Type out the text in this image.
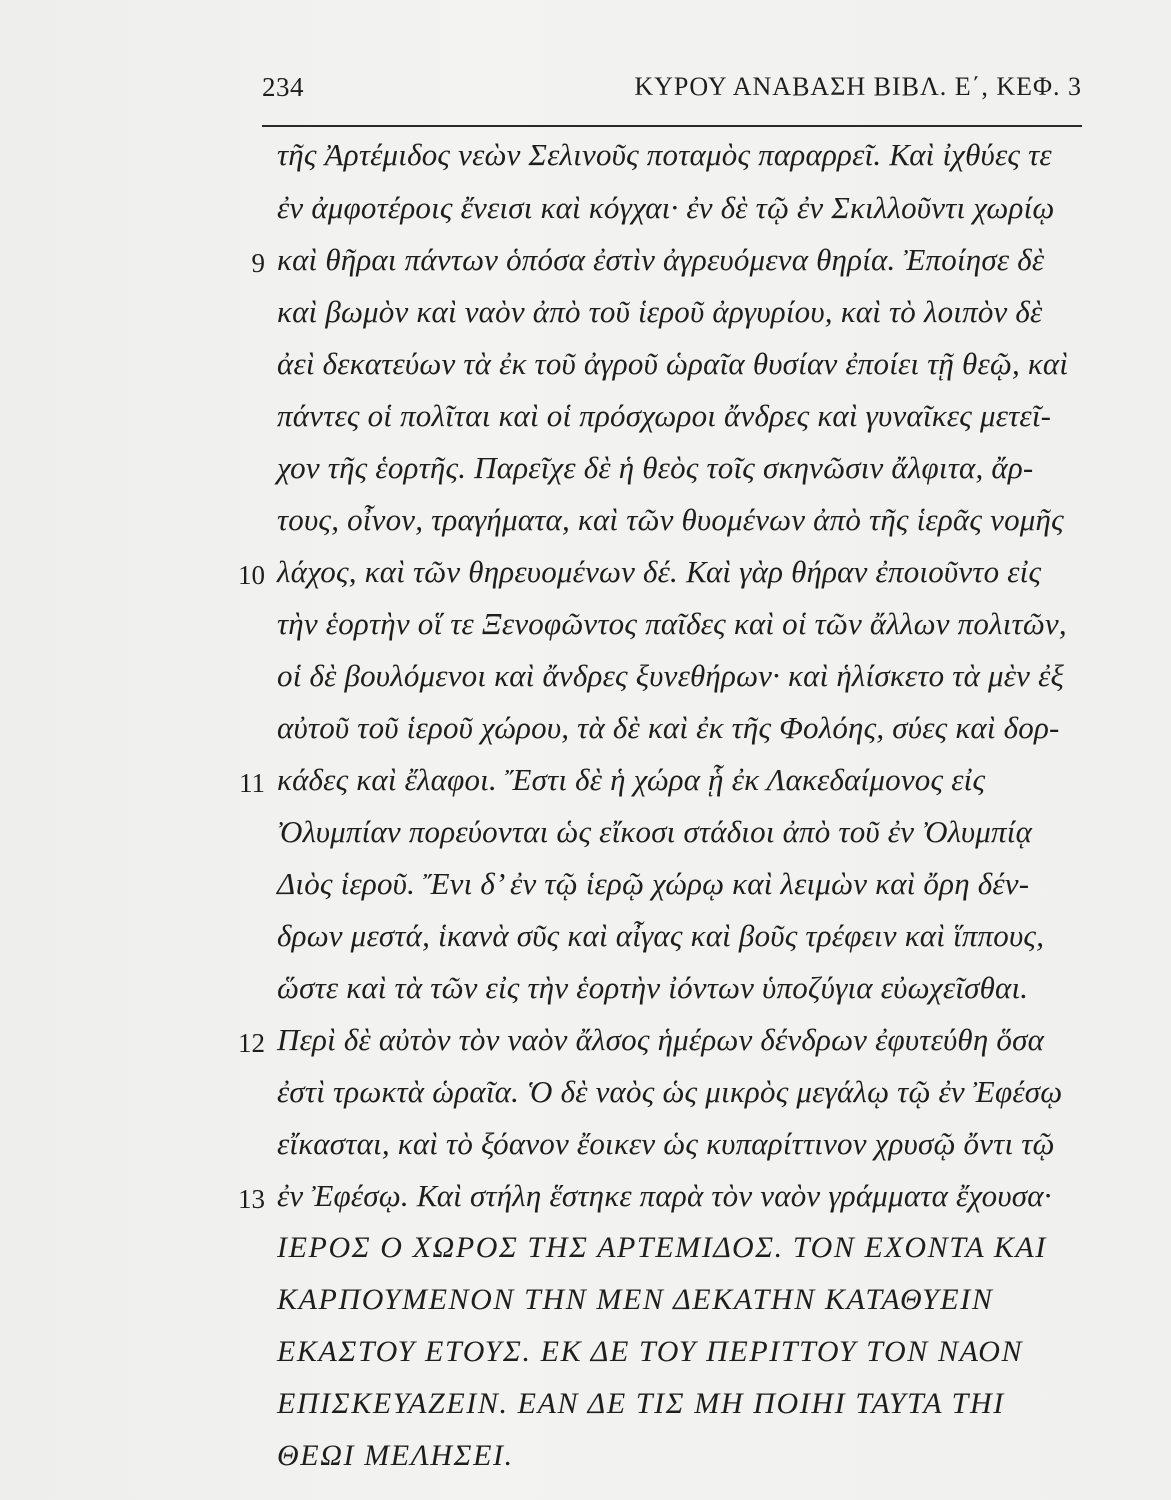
234	ΚΥΡΟΥ ΑΝΑΒΑΣΗ ΒΙΒΛ. Ε΄, ΚΕΦ. 3
τῆς Ἀρτέμιδος νεὼν Σελινοῦς ποταμὸς παραρρεῖ. Καὶ ἰχθύες τε
ἐν ἀμφοτέροις ἔνεισι καὶ κόγχαι· ἐν δὲ τῷ ἐν Σκιλλοῦντι χωρίῳ
καὶ θῆραι πάντων ὁπόσα ἐστὶν ἀγρευόμενα θηρία. Ἐποίησε δὲ
καὶ βωμὸν καὶ ναὸν ἀπὸ τοῦ ἱεροῦ ἀργυρίου, καὶ τὸ λοιπὸν δὲ
ἀεὶ δεκατεύων τὰ ἐκ τοῦ ἀγροῦ ὡραῖα θυσίαν ἐποίει τῇ θεῷ, καὶ
πάντες οἱ πολῖται καὶ οἱ πρόσχωροι ἄνδρες καὶ γυναῖκες μετεῖ-
χον τῆς ἑορτῆς. Παρεῖχε δὲ ἡ θεὸς τοῖς σκηνῶσιν ἄλφιτα, ἄρ-
τους, οἶνον, τραγήματα, καὶ τῶν θυομένων ἀπὸ τῆς ἱερᾶς νομῆς
λάχος, καὶ τῶν θηρευομένων δέ. Καὶ γὰρ θήραν ἐποιοῦντο εἰς
τὴν ἑορτὴν οἵ τε Ξενοφῶντος παῖδες καὶ οἱ τῶν ἄλλων πολιτῶν,
οἱ δὲ βουλόμενοι καὶ ἄνδρες ξυνεθήρων· καὶ ἡλίσκετο τὰ μὲν ἐξ
αὐτοῦ τοῦ ἱεροῦ χώρου, τὰ δὲ καὶ ἐκ τῆς Φολόης, σύες καὶ δορ-
κάδες καὶ ἔλαφοι. Ἔστι δὲ ἡ χώρα ᾗ ἐκ Λακεδαίμονος εἰς
Ὀλυμπίαν πορεύονται ὡς εἴκοσι στάδιοι ἀπὸ τοῦ ἐν Ὀλυμπίᾳ
Διὸς ἱεροῦ. Ἔνι δ’ ἐν τῷ ἱερῷ χώρῳ καὶ λειμὼν καὶ ὄρη δέν-
δρων μεστά, ἱκανὰ σῦς καὶ αἶγας καὶ βοῦς τρέφειν καὶ ἵππους,
ὥστε καὶ τὰ τῶν εἰς τὴν ἑορτὴν ἰόντων ὑποζύγια εὐωχεῖσθαι.
Περὶ δὲ αὐτὸν τὸν ναὸν ἄλσος ἡμέρων δένδρων ἐφυτεύθη ὅσα
ἐστὶ τρωκτὰ ὡραῖα. Ὁ δὲ ναὸς ὡς μικρὸς μεγάλῳ τῷ ἐν Ἐφέσῳ
εἴκασται, καὶ τὸ ξόανον ἔοικεν ὡς κυπαρίττινον χρυσῷ ὄντι τῷ
ἐν Ἐφέσῳ. Καὶ στήλη ἕστηκε παρὰ τὸν ναὸν γράμματα ἔχουσα·
ΙΕΡΟΣ Ο ΧΩΡΟΣ ΤΗΣ ΑΡΤΕΜΙΔΟΣ. ΤΟΝ ΕΧΟΝΤΑ ΚΑΙ
ΚΑΡΠΟΥΜΕΝΟΝ ΤΗΝ ΜΕΝ ΔΕΚΑΤΗΝ ΚΑΤΑΘΥΕΙΝ
ΕΚΑΣΤΟΥ ΕΤΟΥΣ. ΕΚ ΔΕ ΤΟΥ ΠΕΡΙΤΤΟΥ ΤΟΝ ΝΑΟΝ
ΕΠΙΣΚΕΥΑΖΕΙΝ. ΕΑΝ ΔΕ ΤΙΣ ΜΗ ΠΟΙΗΙ ΤΑΥΤΑ ΤΗΙ
ΘΕΩΙ ΜΕΛΗΣΕΙ.
9
10
11
12
13
